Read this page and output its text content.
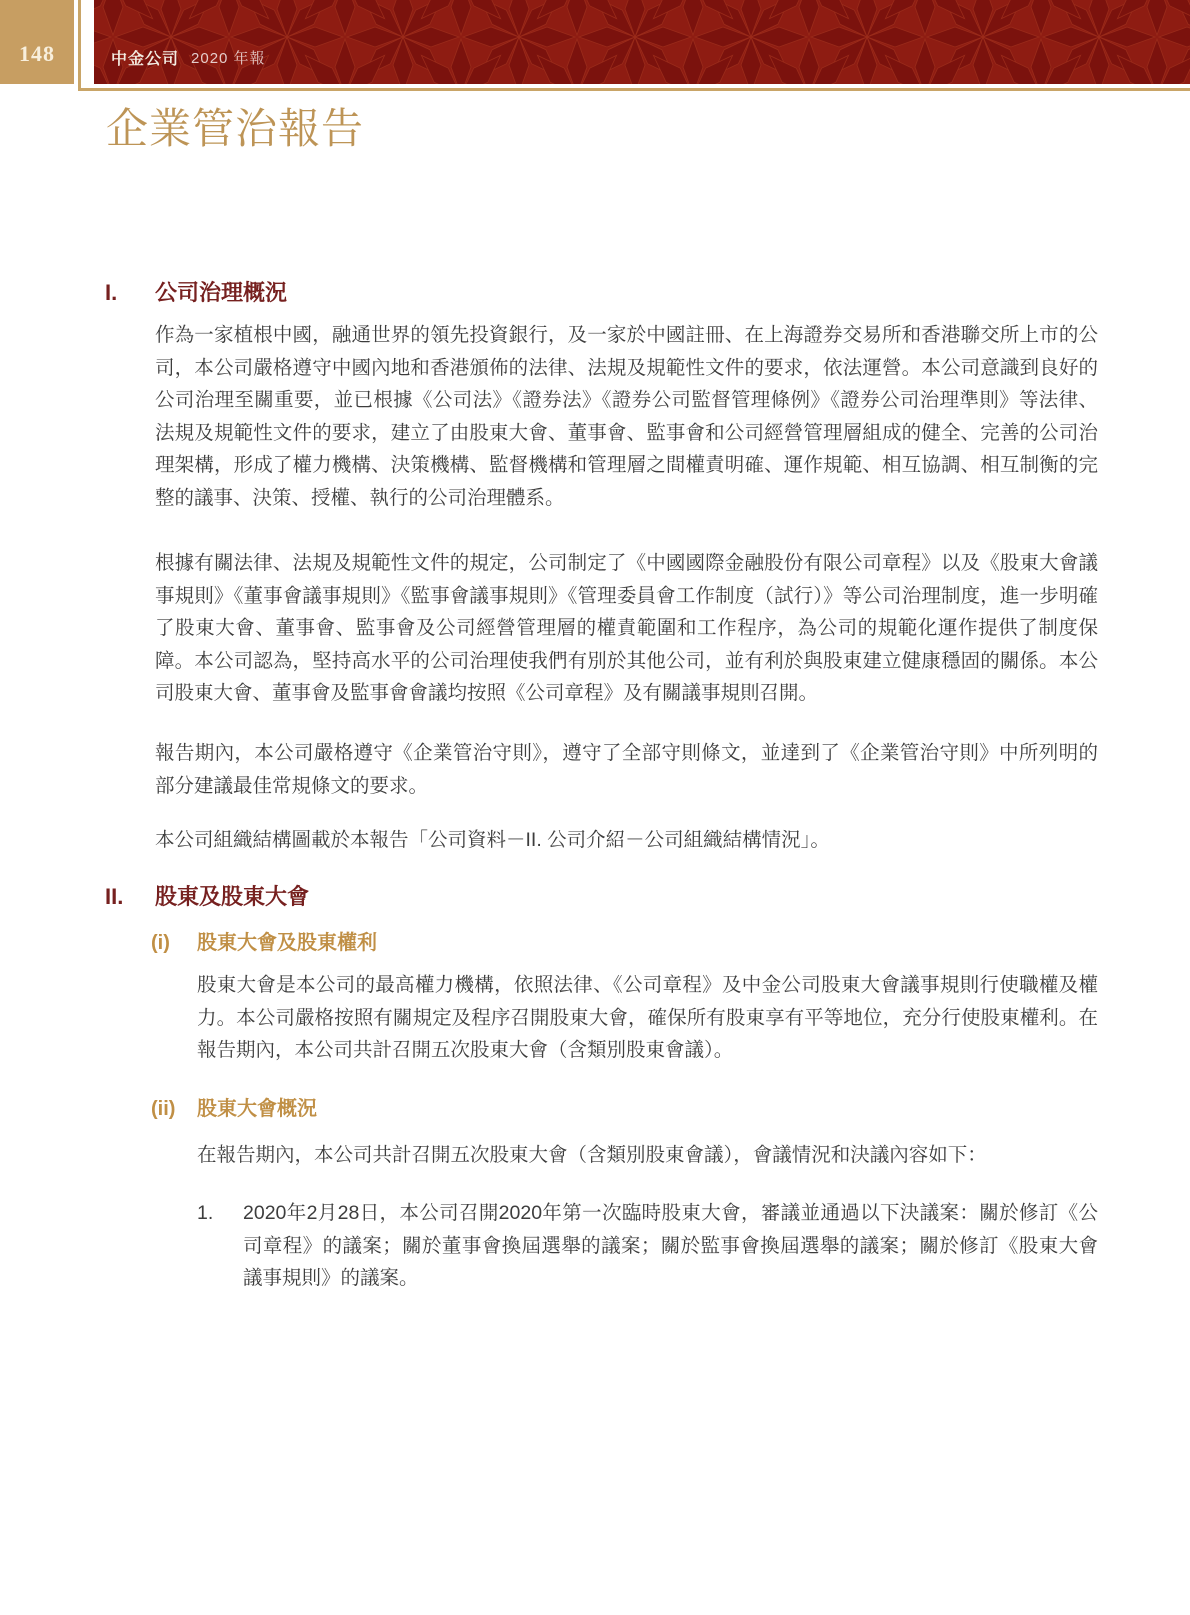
148	中金公司 2020 年報
企業管治報告
I.	公司治理概況

作為一家植根中國，融通世界的領先投資銀行，及一家於中國註冊、在上海證券交易所和香港聯交所上市的公司，本公司嚴格遵守中國內地和香港頒佈的法律、法規及規範性文件的要求，依法運營。本公司意識到良好的公司治理至關重要，並已根據《公司法》《證券法》《證券公司監督管理條例》《證券公司治理準則》等法律、法規及規範性文件的要求，建立了由股東大會、董事會、監事會和公司經營管理層組成的健全、完善的公司治理架構，形成了權力機構、決策機構、監督機構和管理層之間權責明確、運作規範、相互協調、相互制衡的完整的議事、決策、授權、執行的公司治理體系。

根據有關法律、法規及規範性文件的規定，公司制定了《中國國際金融股份有限公司章程》以及《股東大會議事規則》《董事會議事規則》《監事會議事規則》《管理委員會工作制度（試行）》等公司治理制度，進一步明確了股東大會、董事會、監事會及公司經營管理層的權責範圍和工作程序，為公司的規範化運作提供了制度保障。本公司認為，堅持高水平的公司治理使我們有別於其他公司，並有利於與股東建立健康穩固的關係。本公司股東大會、董事會及監事會會議均按照《公司章程》及有關議事規則召開。

報告期內，本公司嚴格遵守《企業管治守則》，遵守了全部守則條文，並達到了《企業管治守則》中所列明的部分建議最佳常規條文的要求。

本公司組織結構圖載於本報告「公司資料－II. 公司介紹－公司組織結構情況」。

II.	股東及股東大會
(i)	股東大會及股東權利

股東大會是本公司的最高權力機構，依照法律、《公司章程》及中金公司股東大會議事規則行使職權及權力。本公司嚴格按照有關規定及程序召開股東大會，確保所有股東享有平等地位，充分行使股東權利。在報告期內，本公司共計召開五次股東大會（含類別股東會議）。

(ii)	股東大會概況

在報告期內，本公司共計召開五次股東大會（含類別股東會議），會議情況和決議內容如下：

1.	2020年2月28日，本公司召開2020年第一次臨時股東大會，審議並通過以下決議案：關於修訂《公司章程》的議案；關於董事會換屆選舉的議案；關於監事會換屆選舉的議案；關於修訂《股東大會議事規則》的議案。
